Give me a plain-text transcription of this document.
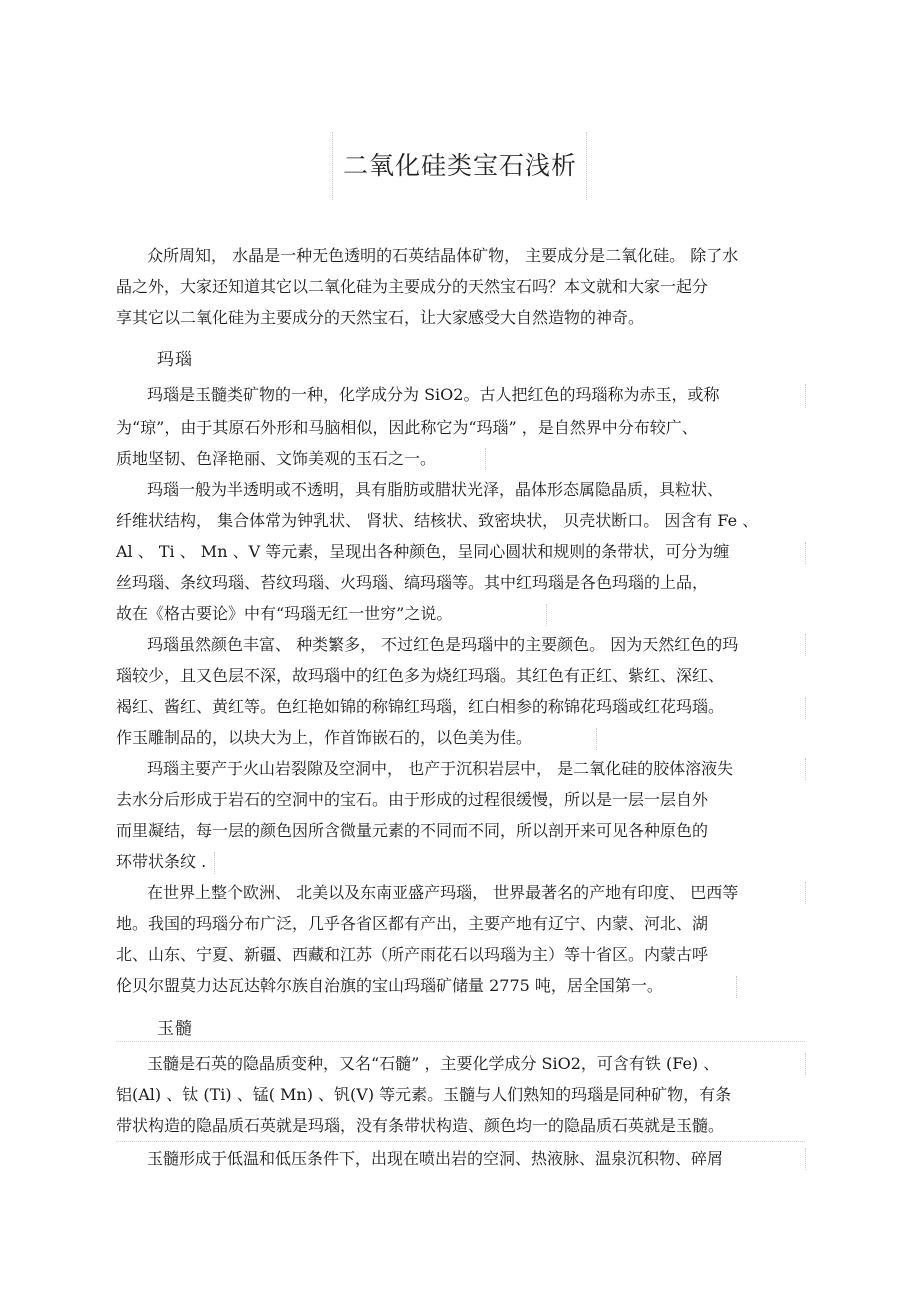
二氧化硅类宝石浅析
众所周知， 水晶是一种无色透明的石英结晶体矿物， 主要成分是二氧化硅。 除了水
晶之外，大家还知道其它以二氧化硅为主要成分的天然宝石吗？本文就和大家一起分
享其它以二氧化硅为主要成分的天然宝石，让大家感受大自然造物的神奇。
玛瑙
玛瑙是玉髓类矿物的一种，化学成分为 SiO2。古人把红色的玛瑙称为赤玉，或称
为“琼”，由于其原石外形和马脑相似，因此称它为“玛瑙” ，是自然界中分布较广、
质地坚韧、色泽艳丽、文饰美观的玉石之一。
玛瑙一般为半透明或不透明，具有脂肪或腊状光泽，晶体形态属隐晶质，具粒状、
纤维状结构， 集合体常为钟乳状、 肾状、结核状、致密块状， 贝壳状断口。 因含有 Fe 、
Al 、 Ti 、 Mn 、V 等元素，呈现出各种颜色，呈同心圆状和规则的条带状，可分为缠
丝玛瑙、条纹玛瑙、苔纹玛瑙、火玛瑙、缟玛瑙等。其中红玛瑙是各色玛瑙的上品，
故在《格古要论》中有“玛瑙无红一世穷”之说。
玛瑙虽然颜色丰富、 种类繁多， 不过红色是玛瑙中的主要颜色。 因为天然红色的玛
瑙较少，且又色层不深，故玛瑙中的红色多为烧红玛瑙。其红色有正红、紫红、深红、
褐红、酱红、黄红等。色红艳如锦的称锦红玛瑙，红白相参的称锦花玛瑙或红花玛瑙。
作玉雕制品的，以块大为上，作首饰嵌石的，以色美为佳。
玛瑙主要产于火山岩裂隙及空洞中， 也产于沉积岩层中， 是二氧化硅的胶体溶液失
去水分后形成于岩石的空洞中的宝石。由于形成的过程很缓慢，所以是一层一层自外
而里凝结，每一层的颜色因所含微量元素的不同而不同，所以剖开来可见各种原色的
环带状条纹 .
在世界上整个欧洲、 北美以及东南亚盛产玛瑙， 世界最著名的产地有印度、 巴西等
地。我国的玛瑙分布广泛，几乎各省区都有产出，主要产地有辽宁、内蒙、河北、湖
北、山东、宁夏、新疆、西藏和江苏（所产雨花石以玛瑙为主）等十省区。内蒙古呼
伦贝尔盟莫力达瓦达斡尔族自治旗的宝山玛瑙矿储量 2775 吨，居全国第一。
玉髓
玉髓是石英的隐晶质变种，又名“石髓” ，主要化学成分 SiO2，可含有铁 (Fe) 、
铝(Al) 、钛 (Ti) 、锰( Mn) 、钒(V) 等元素。玉髓与人们熟知的玛瑙是同种矿物，有条
带状构造的隐晶质石英就是玛瑙，没有条带状构造、颜色均一的隐晶质石英就是玉髓。
玉髓形成于低温和低压条件下，出现在喷出岩的空洞、热液脉、温泉沉积物、碎屑
